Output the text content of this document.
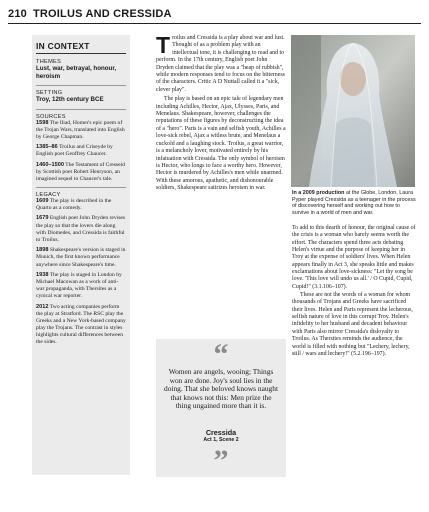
210 TROILUS AND CRESSIDA
IN CONTEXT
THEMES
Lust, war, betrayal, honour, heroism
SETTING
Troy, 12th century BCE
SOURCES
1598 The Iliad, Homer's epic poem of the Trojan Wars, translated into English by George Chapman.
1385–86 Troilus and Criseyde by English poet Geoffrey Chaucer.
1460–1500 The Testament of Cresseid by Scottish poet Robert Henryson, an imagined sequel to Chaucer's tale.
LEGACY
1609 The play is described in the Quarto as a comedy.
1679 English poet John Dryden revises the play so that the lovers die along with Diomedes, and Cressida is faithful to Troilus.
1898 Shakespeare's version is staged in Munich, the first known performance anywhere since Shakespeare's time.
1938 The play is staged in London by Michael Macowan as a work of anti-war propaganda, with Thersites as a cynical war reporter.
2012 Two acting companies perform the play at Stratford. The RSC play the Greeks and a New York-based company play the Trojans. The contrast in styles highlights cultural differences between the sides.

Troilus and Cressida is a play about war and lust. Thought of as a problem play with an intellectual tone, it is challenging to read and to perform. In the 17th century, English poet John Dryden claimed that the play was a "heap of rubbish", while modern responses tend to focus on the bitterness of the characters. Critic A D Nuttall called it a "sick, clever play".

The play is based on an epic tale of legendary men including Achilles, Hector, Ajax, Ulysses, Paris, and Menelaus. Shakespeare, however, challenges the reputations of these figures by deconstructing the idea of a "hero". Paris is a vain and selfish youth, Achilles a love-sick rebel, Ajax a witless brute, and Menelaus a cuckold and a laughing stock. Troilus, a great warrior, is a melancholy lover, motivated entirely by his infatuation with Cressida. The only symbol of heroism is Hector, who longs to face a worthy hero. However, Hector is murdered by Achilles's men while unarmed. With these amorous, apathetic, and dishonourable soldiers, Shakespeare satirizes heroism in war.

“
Women are angels, wooing; Things won are done. Joy's soul lies in the doing. That she beloved knows naught that knows not this: Men prize the thing ungained more than it is.
Cressida
Act 1, Scene 2
”
In a 2009 production at the Globe, London, Laura Pyper played Cressida as a teenager in the process of discovering herself and working out how to survive in a world of men and war.

To add to this dearth of honour, the original cause of the crisis is a woman who barely seems worth the effort. The characters spend three acts debating Helen's virtue and the purpose of keeping her in Troy at the expense of soldiers' lives. When Helen appears finally in Act 3, she speaks little and makes exclamations about love-sickness: "Let thy song be love. 'This love will undo us all.' / O Cupid, Cupid, Cupid!" (3.1.106–107).

These are not the words of a woman for whom thousands of Trojans and Greeks have sacrificed their lives. Helen and Paris represent the lecherous, selfish nature of love in this corrupt Troy. Helen's infidelity to her husband and decadent behaviour with Paris also mirror Cressida's disloyalty to Troilus. As Thersites reminds the audience, the world is filled with nothing but "Lechery, lechery, still / wars and lechery!" (5.2.196–197).
